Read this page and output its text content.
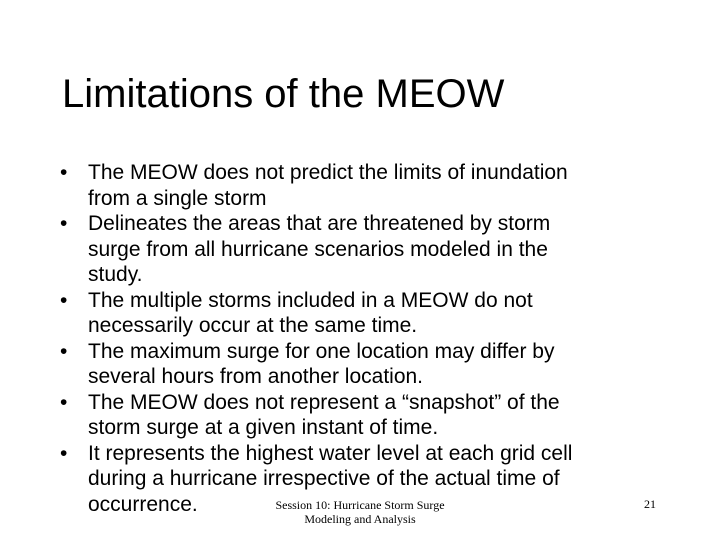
Limitations of the MEOW
• The MEOW does not predict the limits of inundation
from a single storm
• Delineates the areas that are threatened by storm
surge from all hurricane scenarios modeled in the
study.
• The multiple storms included in a MEOW do not
necessarily occur at the same time.
• The maximum surge for one location may differ by
several hours from another location.
• The MEOW does not represent a “snapshot” of the
storm surge at a given instant of time.
• It represents the highest water level at each grid cell
during a hurricane irrespective of the actual time of
occurrence.	Session 10: Hurricane Storm Surge
Modeling and Analysis
21
